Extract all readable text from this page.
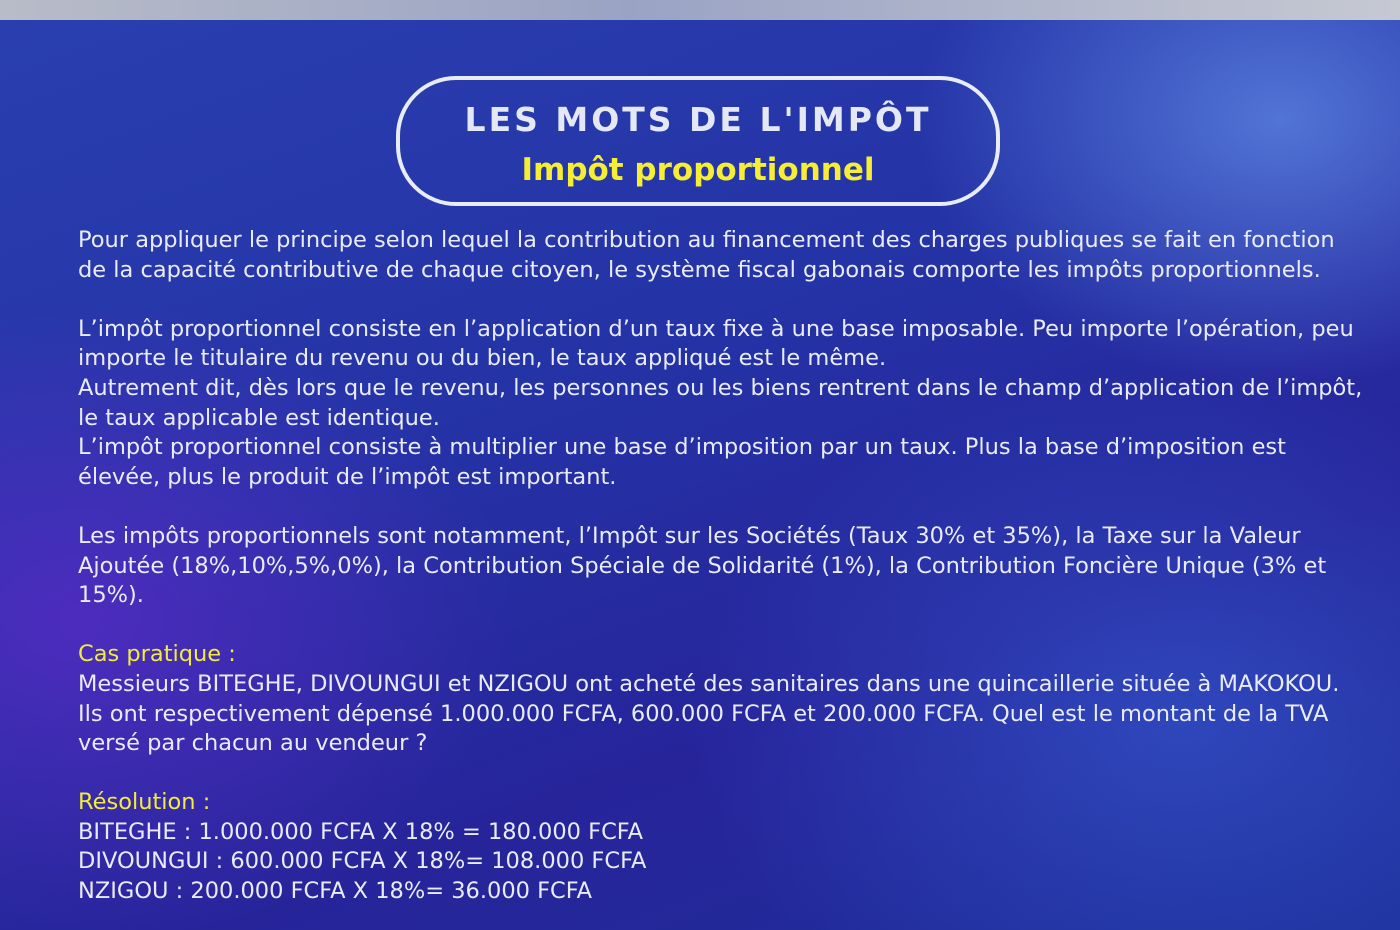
LES MOTS DE L'IMPÔT
Impôt proportionnel

Pour appliquer le principe selon lequel la contribution au financement des charges publiques se fait en fonction de la capacité contributive de chaque citoyen, le système fiscal gabonais comporte les impôts proportionnels.

L’impôt proportionnel consiste en l’application d’un taux fixe à une base imposable. Peu importe l’opération, peu importe le titulaire du revenu ou du bien, le taux appliqué est le même.

Autrement dit, dès lors que le revenu, les personnes ou les biens rentrent dans le champ d’application de l’impôt, le taux applicable est identique.

L’impôt proportionnel consiste à multiplier une base d’imposition par un taux. Plus la base d’imposition est élevée, plus le produit de l’impôt est important.

Les impôts proportionnels sont notamment, l’Impôt sur les Sociétés (Taux 30% et 35%), la Taxe sur la Valeur Ajoutée (18%,10%,5%,0%), la Contribution Spéciale de Solidarité (1%), la Contribution Foncière Unique (3% et 15%).

Cas pratique :

Messieurs BITEGHE, DIVOUNGUI et NZIGOU ont acheté des sanitaires dans une quincaillerie située à MAKOKOU. Ils ont respectivement dépensé 1.000.000 FCFA, 600.000 FCFA et 200.000 FCFA. Quel est le montant de la TVA versé par chacun au vendeur ?

Résolution :

BITEGHE : 1.000.000 FCFA X 18% = 180.000 FCFA

DIVOUNGUI : 600.000 FCFA X 18%= 108.000 FCFA

NZIGOU : 200.000 FCFA X 18%= 36.000 FCFA
